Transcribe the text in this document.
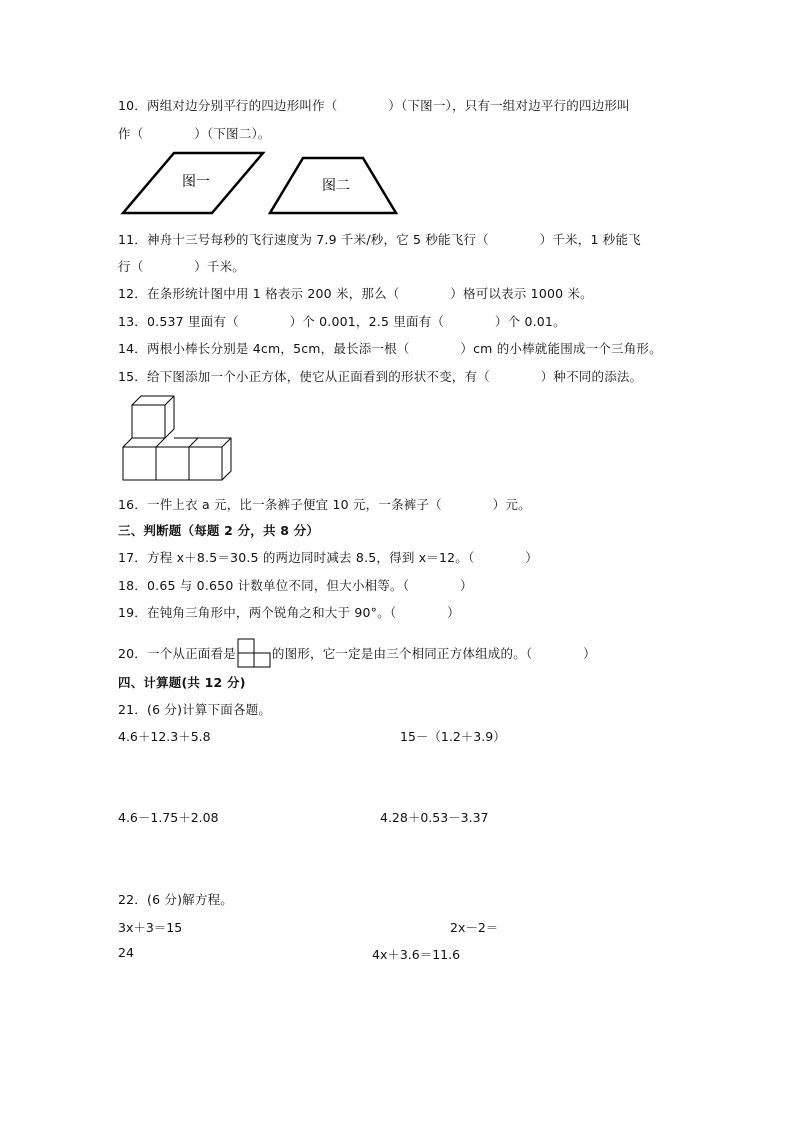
10．两组对边分别平行的四边形叫作（　　　　）（下图一），只有一组对边平行的四边形叫
作（　　　　）（下图二）。
图一	图二
11．神舟十三号每秒的飞行速度为 7.9 千米/秒，它 5 秒能飞行（　　　　）千米，1 秒能飞
行（　　　　）千米。
12．在条形统计图中用 1 格表示 200 米，那么（　　　　）格可以表示 1000 米。
13．0.537 里面有（　　　　）个 0.001，2.5 里面有（　　　　）个 0.01。
14．两根小棒长分别是 4cm，5cm，最长添一根（　　　　）cm 的小棒就能围成一个三角形。
15．给下图添加一个小正方体，使它从正面看到的形状不变，有（　　　　）种不同的添法。
16．一件上衣 a 元，比一条裤子便宜 10 元，一条裤子（　　　　）元。
三、判断题（每题 2 分，共 8 分）
17．方程 x＋8.5＝30.5 的两边同时减去 8.5，得到 x＝12。（　　　　）
18．0.65 与 0.650 计数单位不同，但大小相等。（　　　　）
19．在钝角三角形中，两个锐角之和大于 90°。（　　　　）
20．一个从正面看是	的图形，它一定是由三个相同正方体组成的。（　　　　）
四、计算题(共 12 分)
21．(6 分)计算下面各题。
4.6＋12.3＋5.8	15－（1.2＋3.9）
4.6－1.75＋2.08	4.28＋0.53－3.37
22．(6 分)解方程。
3x＋3＝15	2x－2＝
24	4x＋3.6＝11.6
